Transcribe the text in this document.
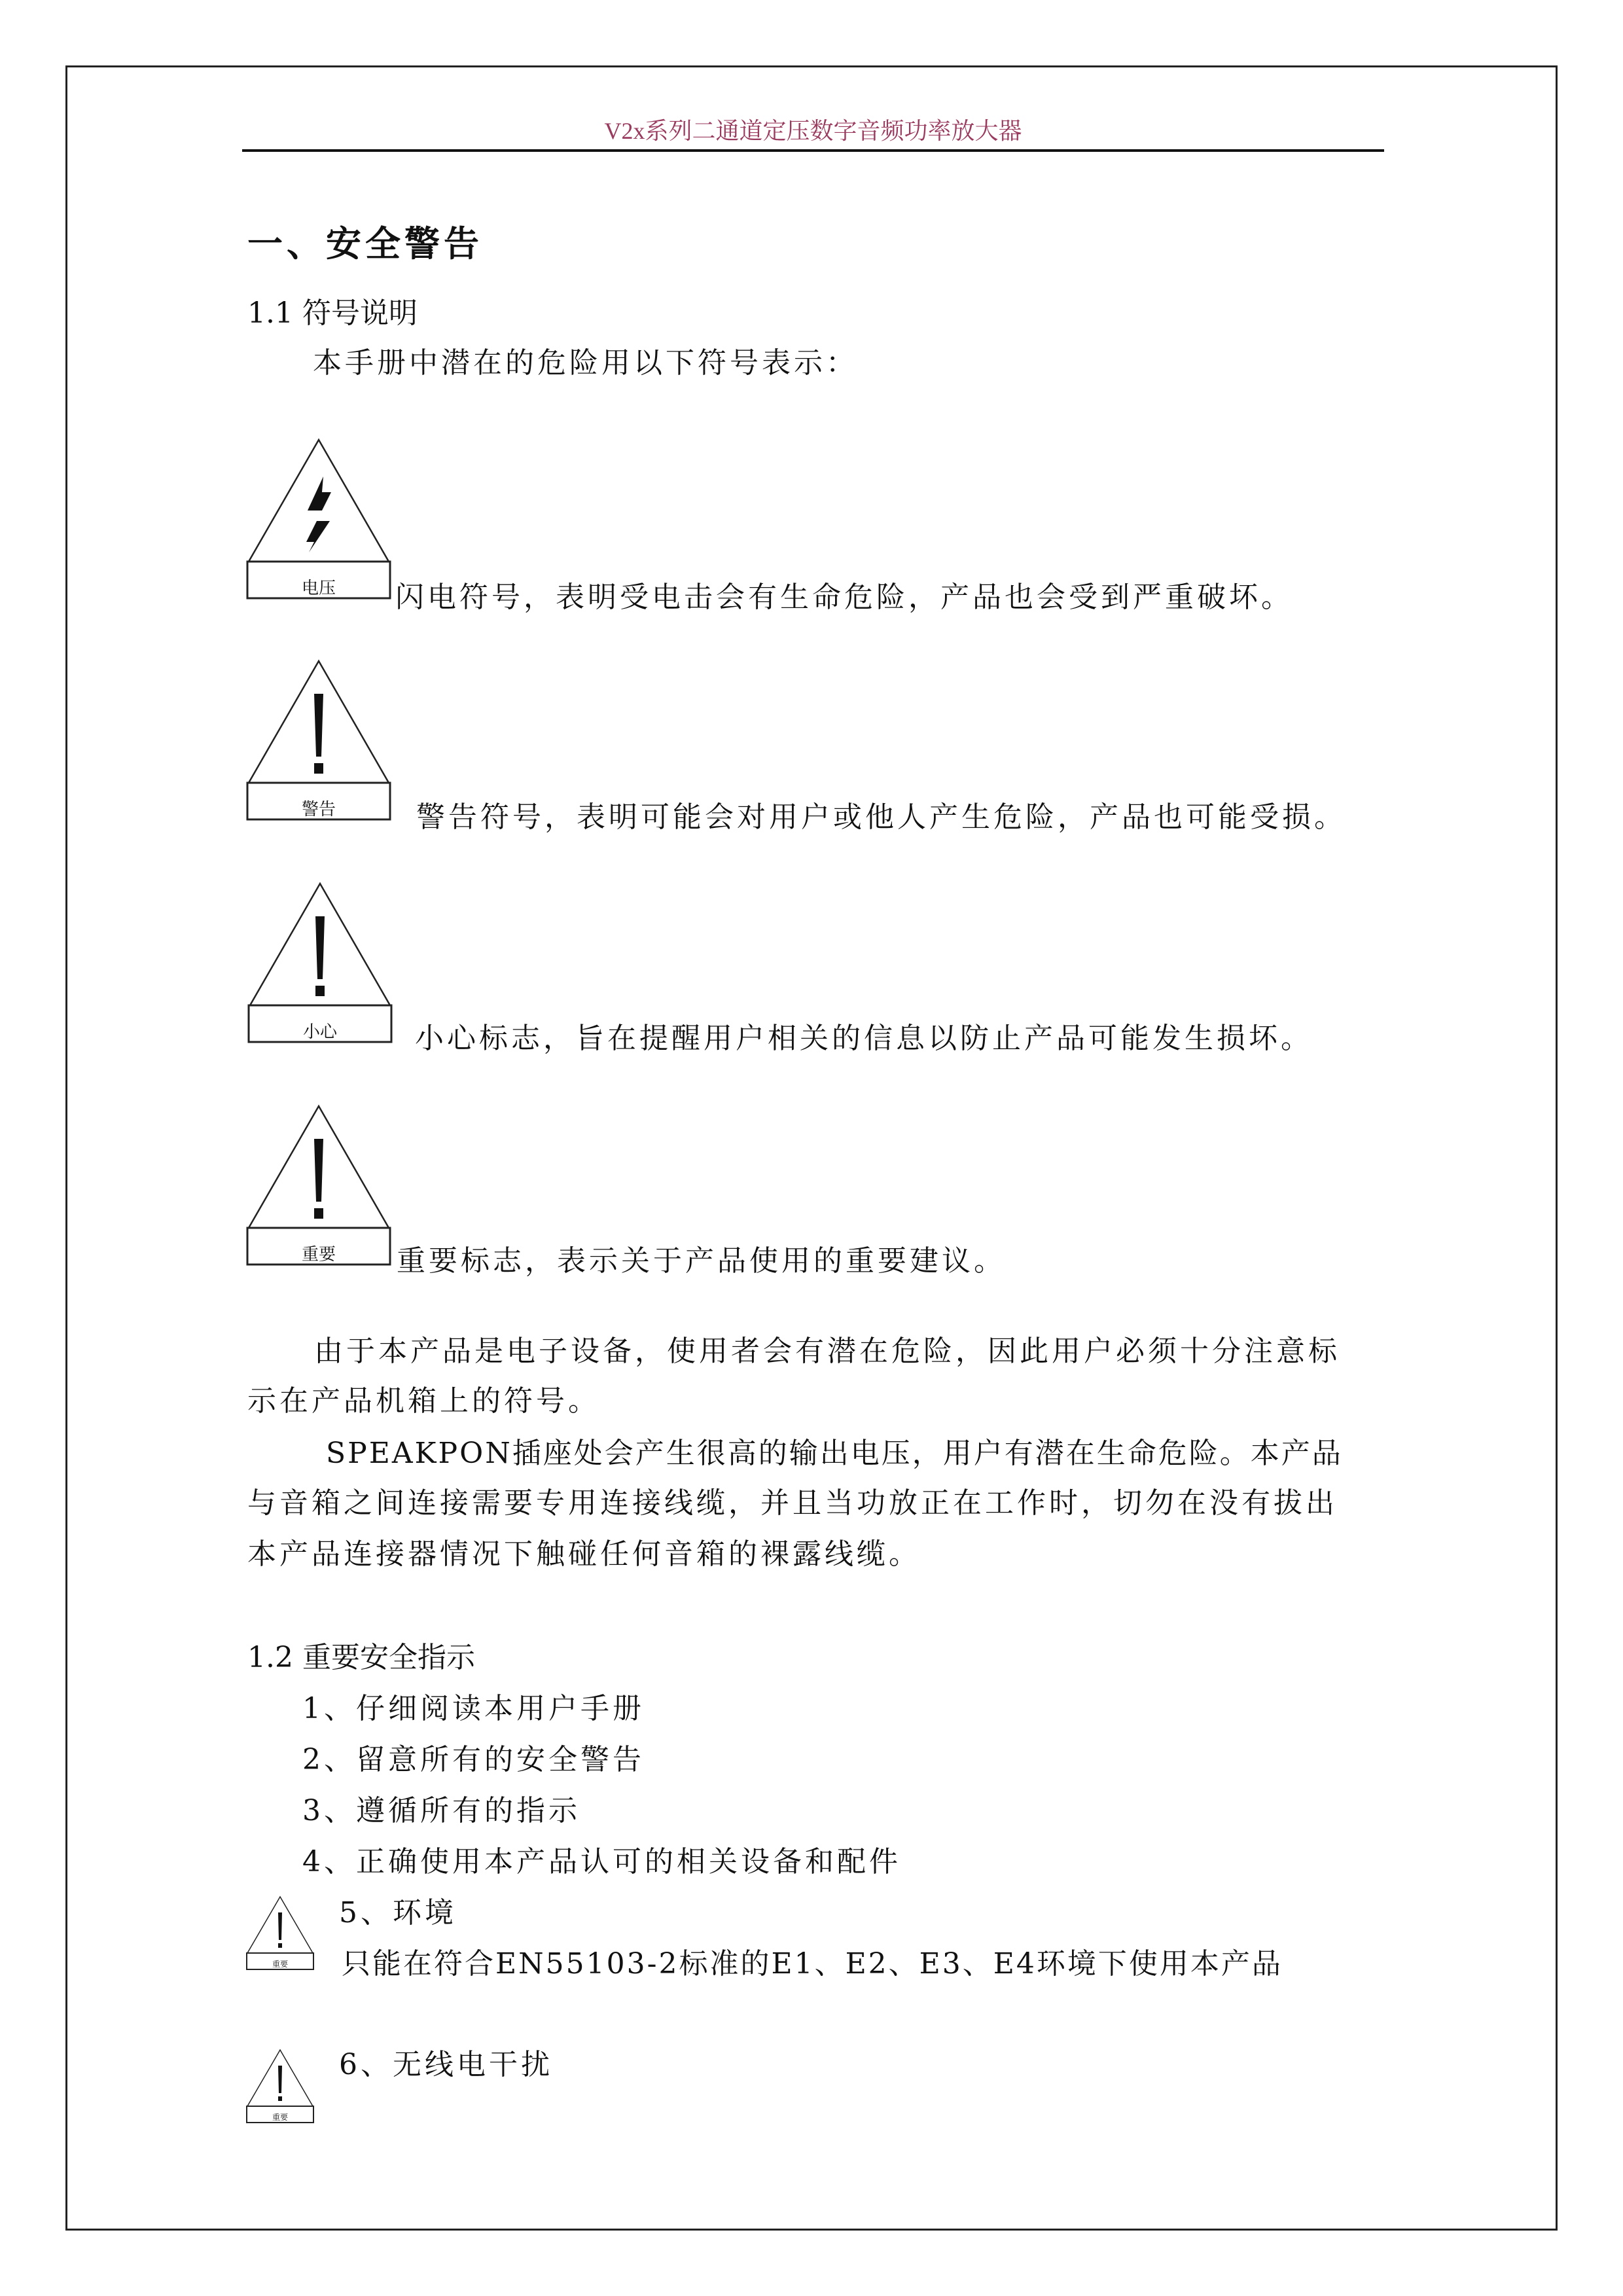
V2x系列二通道定压数字音频功率放大器
一、安全警告
1.1 符号说明
本手册中潜在的危险用以下符号表示：
电压	闪电符号，表明受电击会有生命危险，产品也会受到严重破坏。
警告	警告符号，表明可能会对用户或他人产生危险，产品也可能受损。
小心	小心标志，旨在提醒用户相关的信息以防止产品可能发生损坏。
重要	重要标志，表示关于产品使用的重要建议。
由于本产品是电子设备，使用者会有潜在危险，因此用户必须十分注意标
示在产品机箱上的符号。
SPEAKPON插座处会产生很高的输出电压，用户有潜在生命危险。本产品
与音箱之间连接需要专用连接线缆，并且当功放正在工作时，切勿在没有拔出
本产品连接器情况下触碰任何音箱的裸露线缆。
1.2 重要安全指示
1、仔细阅读本用户手册
2、留意所有的安全警告
3、遵循所有的指示
4、正确使用本产品认可的相关设备和配件
重要
5、环境
只能在符合EN55103-2标准的E1、E2、E3、E4环境下使用本产品
重要
6、无线电干扰
